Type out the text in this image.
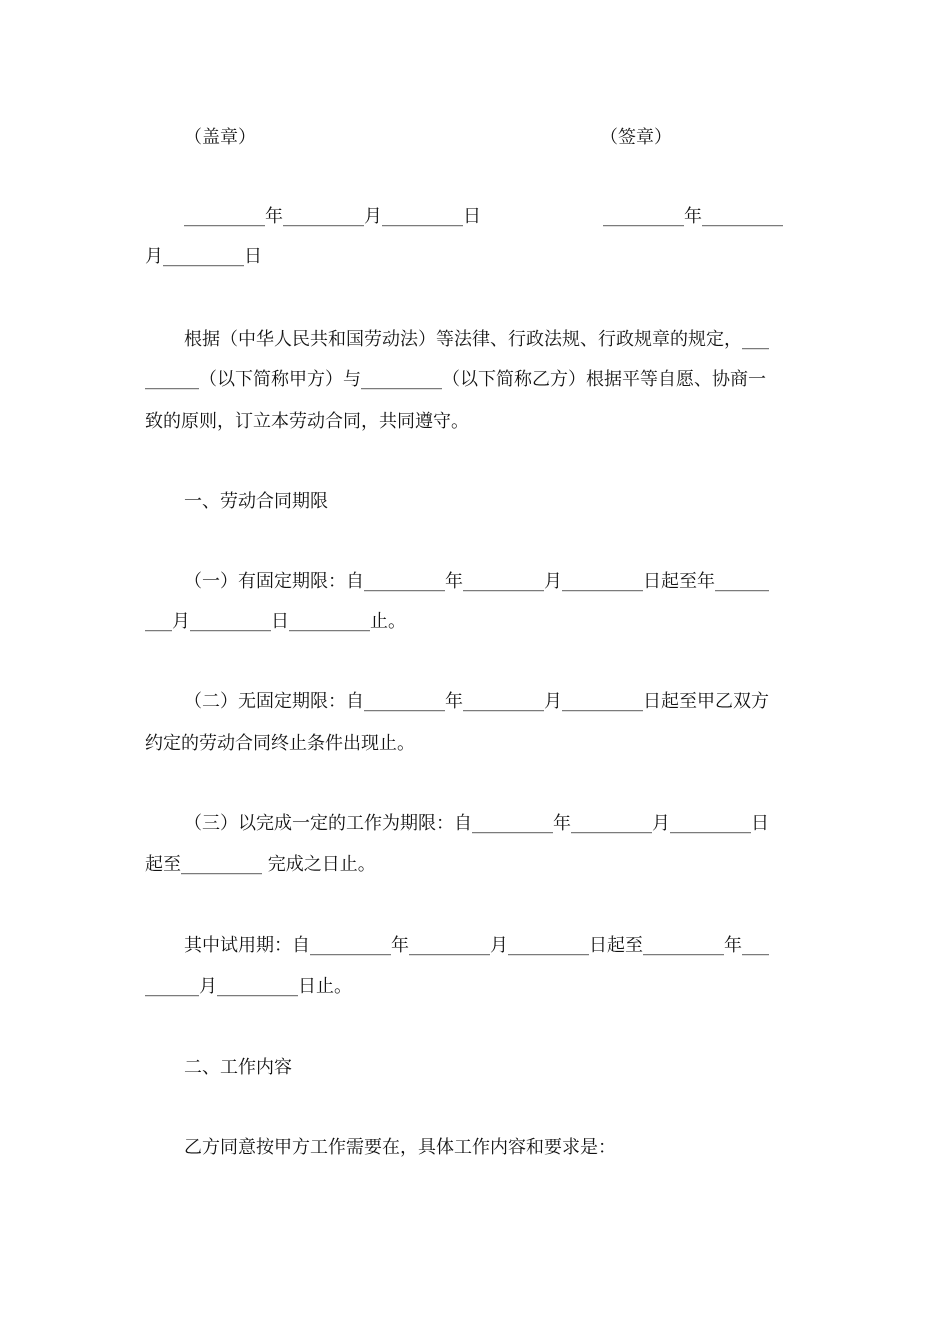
（盖章）	（签章）
_________年_________月_________日	_________年_________
月_________日
根据（中华人民共和国劳动法）等法律、行政法规、行政规章的规定，___
______（以下简称甲方）与_________（以下简称乙方）根据平等自愿、协商一
致的原则，订立本劳动合同，共同遵守。
一、劳动合同期限
（一）有固定期限：自_________年_________月_________日起至年______
___月_________日_________止。
（二）无固定期限：自_________年_________月_________日起至甲乙双方
约定的劳动合同终止条件出现止。
（三）以完成一定的工作为期限：自_________年_________月_________日
起至_________ 完成之日止。
其中试用期：自_________年_________月_________日起至_________年___
______月_________日止。
二、工作内容
乙方同意按甲方工作需要在，具体工作内容和要求是：
